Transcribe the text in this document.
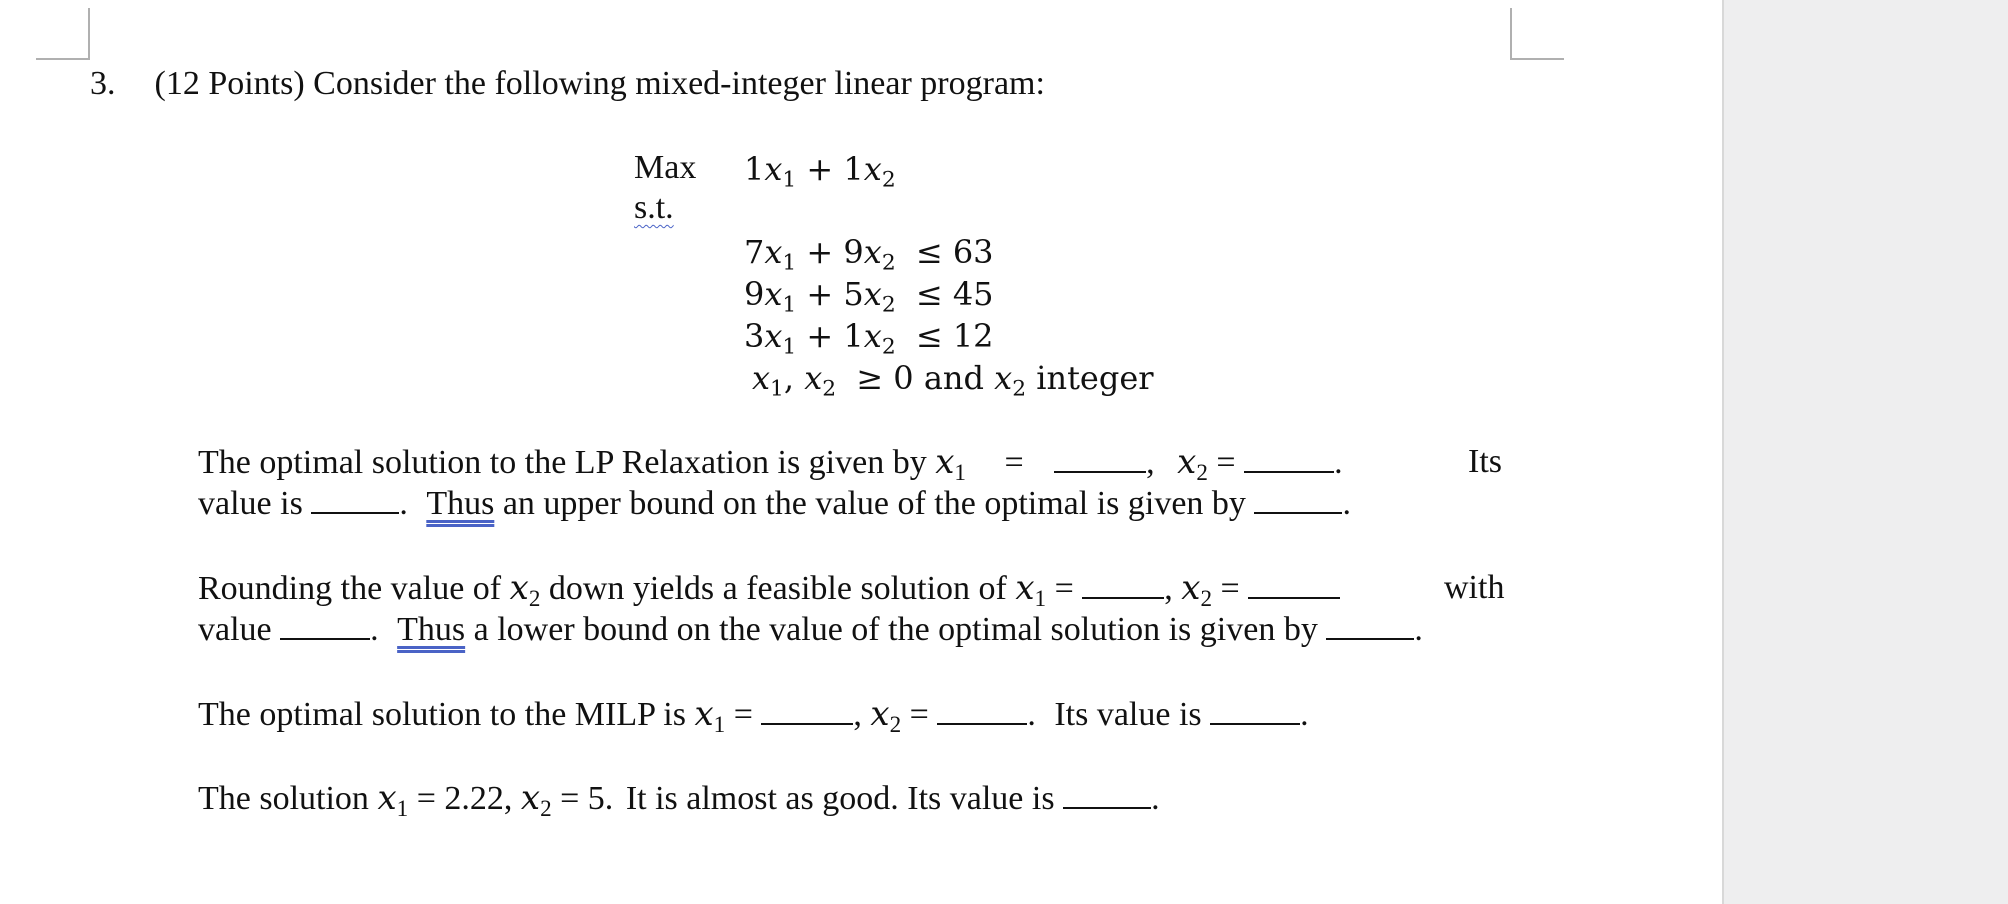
3. (12 Points) Consider the following mixed-integer linear program:
Max $1x_1 + 1x_2$
s.t.
$7x_1 + 9x_2 \le 63$
$9x_1 + 5x_2 \le 45$
$3x_1 + 1x_2 \le 12$
$x_1$, $x_2 \ge 0$ and $x_2$ integer
The optimal solution to the LP Relaxation is given by $x_1$ =	, $x_2$ =	.	Its
value is	. Thus an upper bound on the value of the optimal is given by	.
Rounding the value of $x_2$ down yields a feasible solution of $x_1$ = , $x_2$ =	with
value	. Thus a lower bound on the value of the optimal solution is given by	.
The optimal solution to the MILP is $x_1$ =	, $x_2$ =	. Its value is	.
The solution $x_1 = 2.22$, $x_2 = 5$. It is almost as good. Its value is	.
